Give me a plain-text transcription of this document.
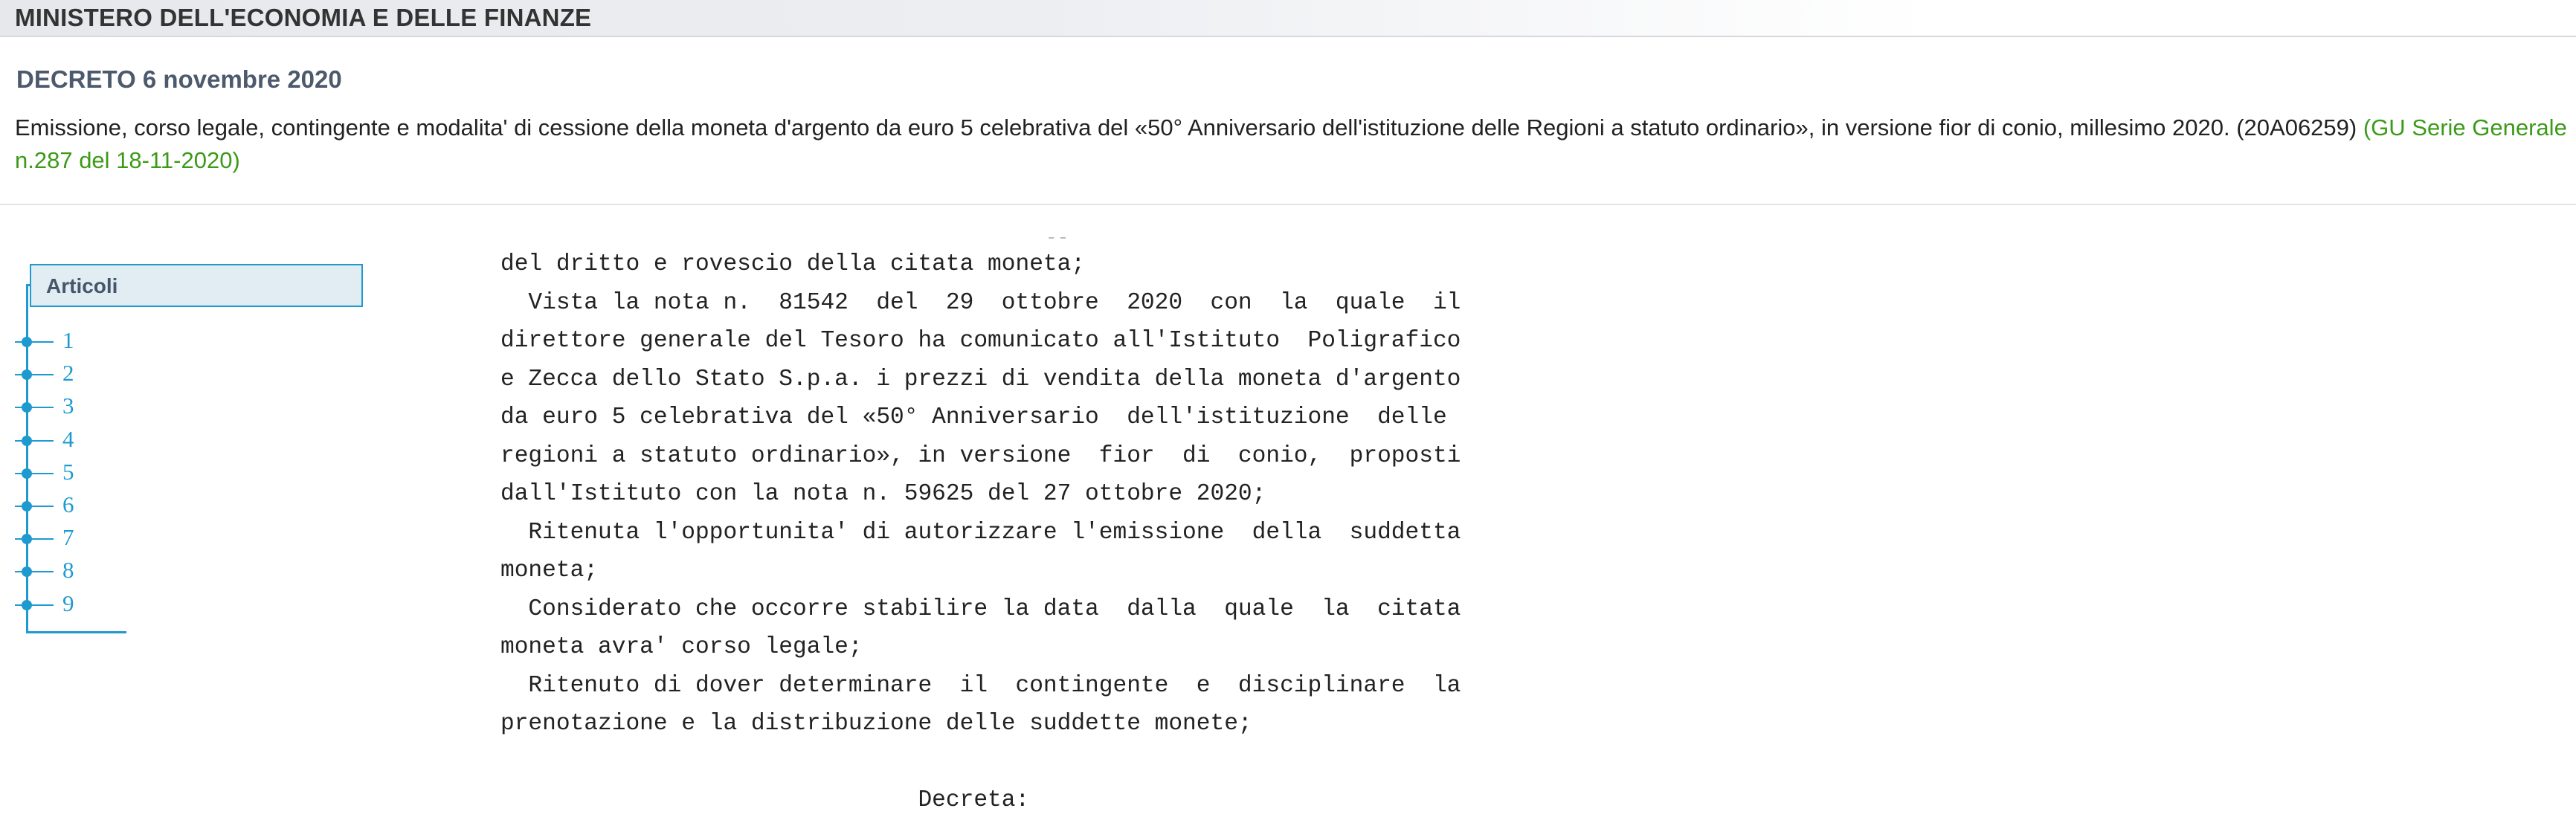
MINISTERO DELL'ECONOMIA E DELLE FINANZE
DECRETO 6 novembre 2020
Emissione, corso legale, contingente e modalita' di cessione della moneta d'argento da euro 5 celebrativa del «50° Anniversario dell'istituzione delle Regioni a statuto ordinario», in versione fior di conio, millesimo 2020. (20A06259) (GU Serie Generale
n.287 del 18-11-2020)
--
Articoli
1
2
3
4
5
6
7
8
9
del dritto e rovescio della citata moneta;
Vista la nota n.  81542  del  29  ottobre  2020  con  la  quale  il
direttore generale del Tesoro ha comunicato all'Istituto  Poligrafico
e Zecca dello Stato S.p.a. i prezzi di vendita della moneta d'argento
da euro 5 celebrativa del «50° Anniversario  dell'istituzione  delle
regioni a statuto ordinario», in versione  fior  di  conio,  proposti
dall'Istituto con la nota n. 59625 del 27 ottobre 2020;
Ritenuta l'opportunita' di autorizzare l'emissione  della  suddetta
moneta;
Considerato che occorre stabilire la data  dalla  quale  la  citata
moneta avra' corso legale;
Ritenuto di dover determinare  il  contingente  e  disciplinare  la
prenotazione e la distribuzione delle suddette monete;

Decreta:
